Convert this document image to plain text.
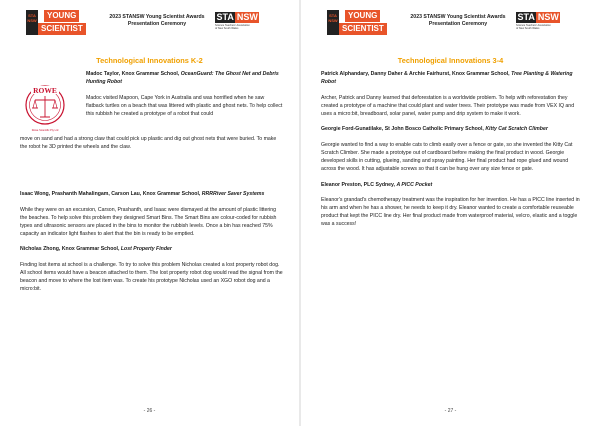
STA NSW
YOUNG
SCIENTIST
2023 STANSW Young Scientist Awards
Presentation Ceremony
STA NSW
Science Teachers' Association of New South Wales
Technological Innovations K-2
ROWE
Rowe Scientific Pty Ltd

Madoc Taylor, Knox Grammar School, OceanGuard: The Ghost Net and Debris Hunting Robot

Madoc visited Mapoon, Cape York in Australia and was horrified when he saw flatback turtles on a beach that was littered with plastic and ghost nets. To help collect this rubbish he created a prototype of a robot that could

move on sand and had a strong claw that could pick up plastic and dig out ghost nets that were buried. To make the robot he 3D printed the wheels and the claw.

Isaac Wong, Prashanth Mahalingam, Carson Lau, Knox Grammar School, RRRRiver Saver Systems

While they were on an excursion, Carson, Prashanth, and Isaac were dismayed at the amount of plastic littering the beaches. To help solve this problem they designed Smart Bins. The Smart Bins are colour-coded for rubbish types and ultrasonic sensors are placed in the bins to monitor the rubbish levels. Once a bin has reached 75% capacity an indicator light flashes to alert that the bin is ready to be emptied.

Nicholas Zhong, Knox Grammar School, Lost Property Finder

Finding lost items at school is a challenge. To try to solve this problem Nicholas created a lost property robot dog. All school items would have a beacon attached to them. The lost property robot dog would read the signal from the beacon and move to where the lost item was. To create his prototype Nicholas used an XGO robot dog and a micro:bit.

- 26 -
STA NSW
YOUNG
SCIENTIST
2023 STANSW Young Scientist Awards
Presentation Ceremony
STA NSW
Science Teachers' Association of New South Wales
Technological Innovations 3-4

Patrick Alphandary, Danny Daher & Archie Fairhurst, Knox Grammar School, Tree Planting & Watering Robot

Archer, Patrick and Danny learned that deforestation is a worldwide problem. To help with reforestation they created a prototype of a machine that could plant and water trees. Their prototype was made from VEX IQ and uses a micro:bit, breadboard, solar panel, water pump and drip system to make it work.

Georgie Ford-Gunatilake, St John Bosco Catholic Primary School, Kitty Cat Scratch Climber

Georgie wanted to find a way to enable cats to climb easily over a fence or gate, so she invented the Kitty Cat Scratch Climber. She made a prototype out of cardboard before making the final product in wood. Georgie developed skills in cutting, glueing, sanding and spray painting. Her final product had rope glued and wound across the wood. It has adjustable screws so that it can be hung over any size fence or gate.

Eleanor Preston, PLC Sydney, A PICC Pocket

Eleanor's grandad's chemotherapy treatment was the inspiration for her invention. He has a PICC line inserted in his arm and when he has a shower, he needs to keep it dry. Eleanor wanted to create a comfortable reuseable product that kept the PICC line dry. Her final product made from waterproof material, velcro, elastic and a toggle was a success!

- 27 -
